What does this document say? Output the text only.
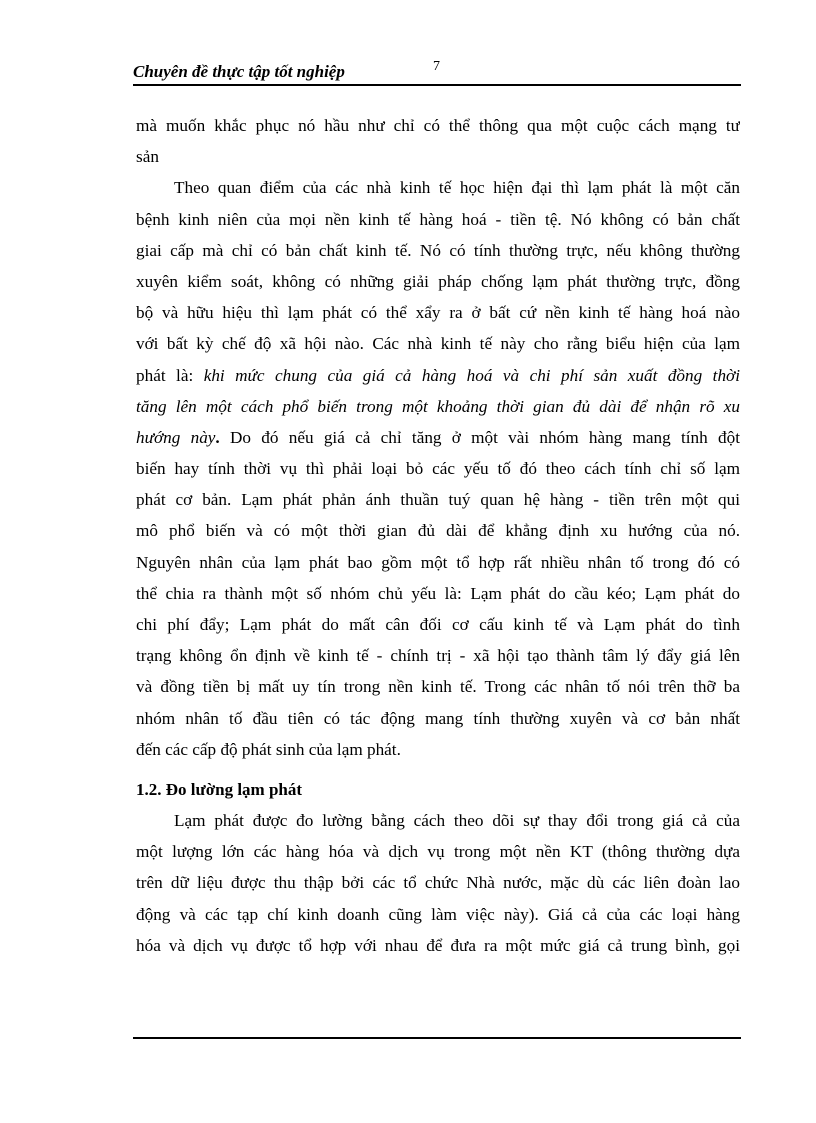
Chuyên đề thực tập tốt nghiệp	7
mà muốn khắc phục nó hầu như chỉ có thể thông qua một cuộc cách mạng tư
sản
Theo quan điểm của các nhà kinh tế học hiện đại thì lạm phát là một căn
bệnh kinh niên của mọi nền kinh tế hàng hoá - tiền tệ. Nó không có bản chất
giai cấp mà chỉ có bản chất kinh tế. Nó có tính thường trực, nếu không thường
xuyên kiểm soát, không có những giải pháp chống lạm phát thường trực, đồng
bộ và hữu hiệu thì lạm phát có thể xẩy ra ở bất cứ nền kinh tế hàng hoá nào
với bất kỳ chế độ xã hội nào. Các nhà kinh tế này cho rằng biểu hiện của lạm
phát là: khi mức chung của giá cả hàng hoá và chi phí sản xuất đồng thời
tăng lên một cách phổ biến trong một khoảng thời gian đủ dài để nhận rõ xu
hướng này. Do đó nếu giá cả chỉ tăng ở một vài nhóm hàng mang tính đột
biến hay tính thời vụ thì phải loại bỏ các yếu tố đó theo cách tính chỉ số lạm
phát cơ bản. Lạm phát phản ánh thuần tuý quan hệ hàng - tiền trên một qui
mô phổ biến và có một thời gian đủ dài để khẳng định xu hướng của nó.
Nguyên nhân của lạm phát bao gồm một tổ hợp rất nhiều nhân tố trong đó có
thể chia ra thành một số nhóm chủ yếu là: Lạm phát do cầu kéo; Lạm phát do
chi phí đẩy; Lạm phát do mất cân đối cơ cấu kinh tế và Lạm phát do tình
trạng không ổn định về kinh tế - chính trị - xã hội tạo thành tâm lý đẩy giá lên
và đồng tiền bị mất uy tín trong nền kinh tế. Trong các nhân tố nói trên thỡ ba
nhóm nhân tố đầu tiên có tác động mang tính thường xuyên và cơ bản nhất
đến các cấp độ phát sinh của lạm phát.
1.2. Đo lường lạm phát
Lạm phát được đo lường bằng cách theo dõi sự thay đổi trong giá cả của
một lượng lớn các hàng hóa và dịch vụ trong một nền KT (thông thường dựa
trên dữ liệu được thu thập bởi các tổ chức Nhà nước, mặc dù các liên đoàn lao
động và các tạp chí kinh doanh cũng làm việc này). Giá cả của các loại hàng
hóa và dịch vụ được tổ hợp với nhau để đưa ra một mức giá cả trung bình, gọi
